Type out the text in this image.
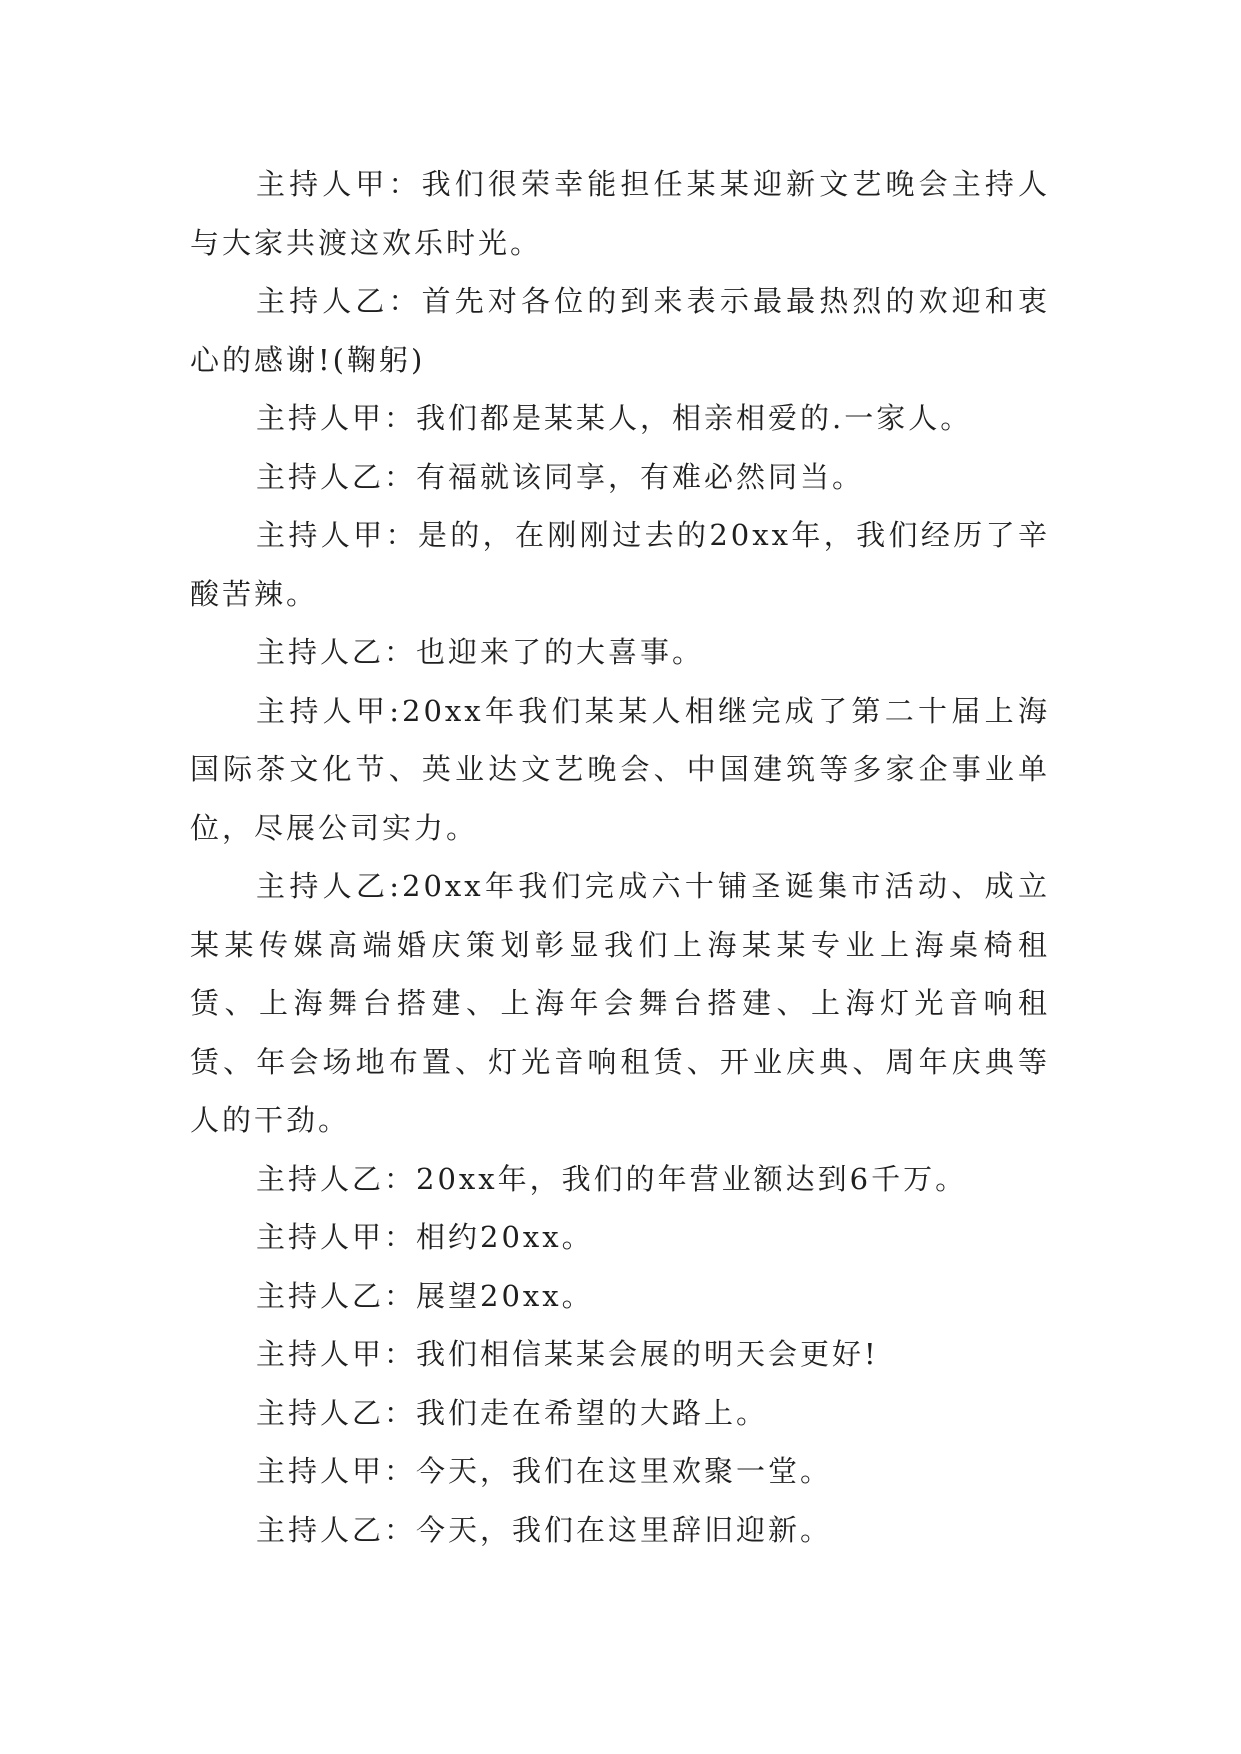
主持人甲：我们很荣幸能担任某某迎新文艺晚会主持人与大家共渡这欢乐时光。

主持人乙：首先对各位的到来表示最最热烈的欢迎和衷心的感谢!(鞠躬)

主持人甲：我们都是某某人，相亲相爱的.一家人。

主持人乙：有福就该同享，有难必然同当。

主持人甲：是的，在刚刚过去的20xx年，我们经历了辛酸苦辣。

主持人乙：也迎来了的大喜事。

主持人甲:20xx年我们某某人相继完成了第二十届上海国际茶文化节、英业达文艺晚会、中国建筑等多家企事业单位，尽展公司实力。

主持人乙:20xx年我们完成六十铺圣诞集市活动、成立某某传媒高端婚庆策划彰显我们上海某某专业上海桌椅租赁、上海舞台搭建、上海年会舞台搭建、上海灯光音响租赁、年会场地布置、灯光音响租赁、开业庆典、周年庆典等人的干劲。

主持人乙：20xx年，我们的年营业额达到6千万。

主持人甲：相约20xx。

主持人乙：展望20xx。

主持人甲：我们相信某某会展的明天会更好!

主持人乙：我们走在希望的大路上。

主持人甲：今天，我们在这里欢聚一堂。

主持人乙：今天，我们在这里辞旧迎新。
